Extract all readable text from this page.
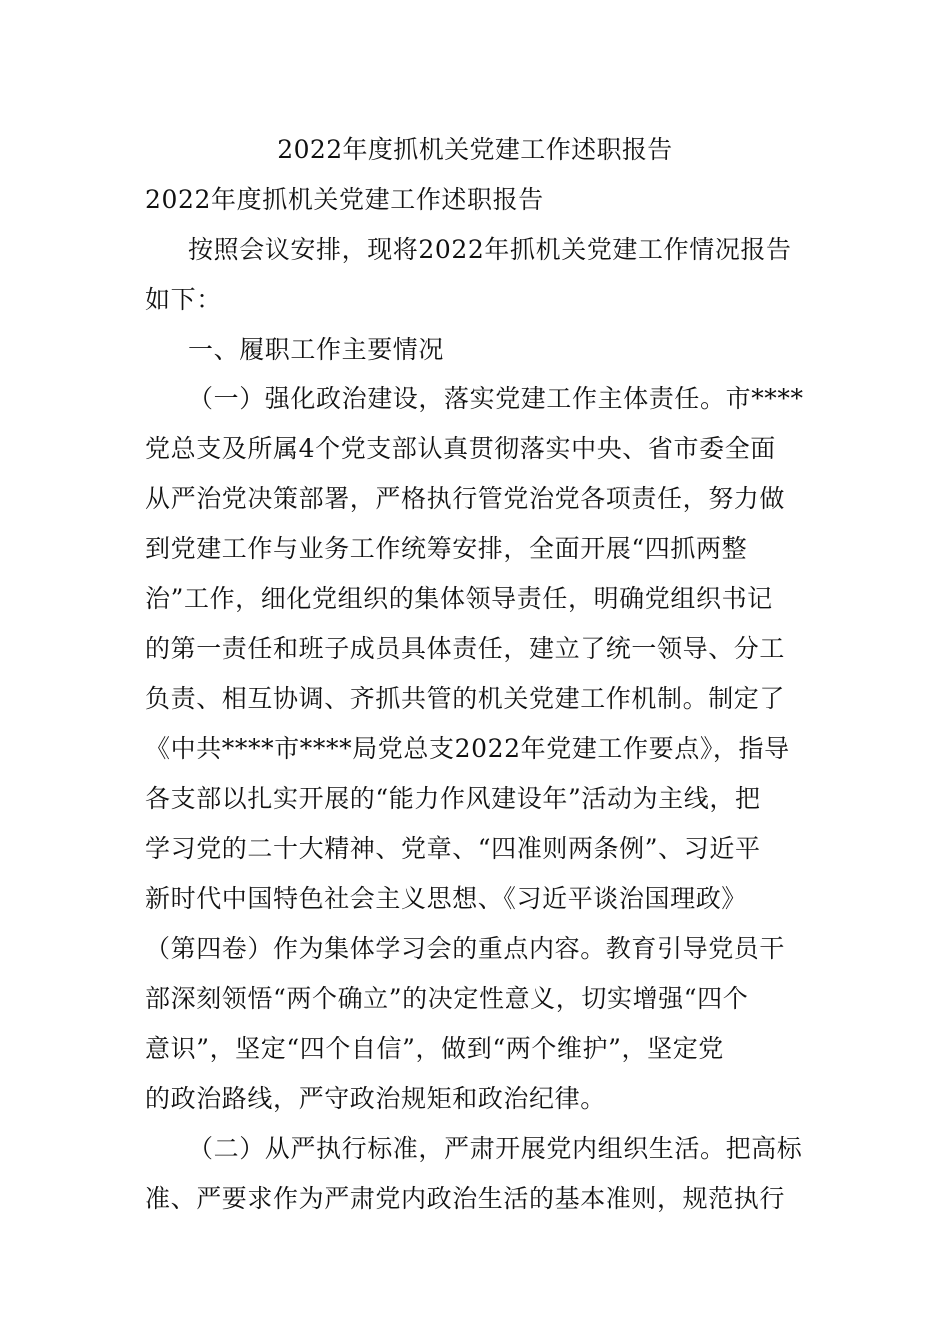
2022年度抓机关党建工作述职报告
2022年度抓机关党建工作述职报告
按照会议安排，现将2022年抓机关党建工作情况报告
如下：
一、履职工作主要情况
（一）强化政治建设，落实党建工作主体责任。市****
党总支及所属4个党支部认真贯彻落实中央、省市委全面
从严治党决策部署，严格执行管党治党各项责任，努力做
到党建工作与业务工作统筹安排，全面开展“四抓两整
治”工作，细化党组织的集体领导责任，明确党组织书记
的第一责任和班子成员具体责任，建立了统一领导、分工
负责、相互协调、齐抓共管的机关党建工作机制。制定了
《中共****市****局党总支2022年党建工作要点》，指导
各支部以扎实开展的“能力作风建设年”活动为主线，把
学习党的二十大精神、党章、“四准则两条例”、习近平
新时代中国特色社会主义思想、《习近平谈治国理政》
（第四卷）作为集体学习会的重点内容。教育引导党员干
部深刻领悟“两个确立”的决定性意义，切实增强“四个
意识”，坚定“四个自信”，做到“两个维护”，坚定党
的政治路线，严守政治规矩和政治纪律。
（二）从严执行标准，严肃开展党内组织生活。把高标
准、严要求作为严肃党内政治生活的基本准则，规范执行
